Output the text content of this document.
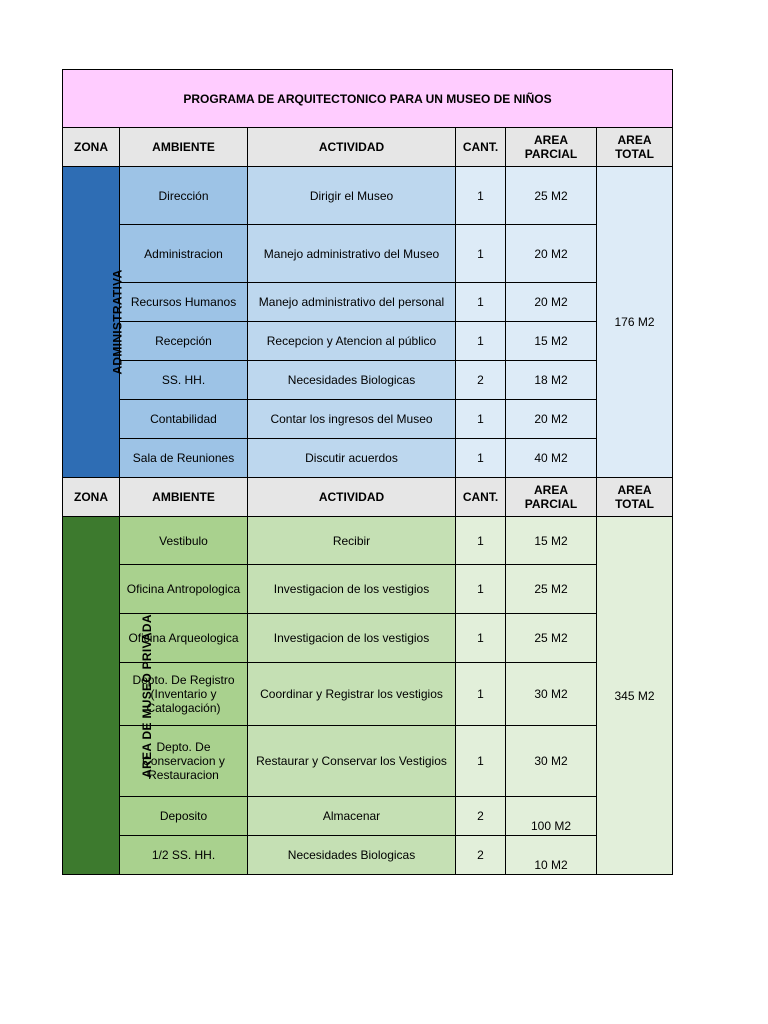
PROGRAMA DE ARQUITECTONICO PARA UN MUSEO DE NIÑOS					
ZONA	AMBIENTE	ACTIVIDAD	CANT.	AREA PARCIAL	AREA TOTAL
ADMINISTRATIVA	Dirección	Dirigir el Museo	1	25 M2	176 M2
	Administracion	Manejo administrativo del Museo	1	20 M2	
	Recursos Humanos	Manejo administrativo del personal	1	20 M2	
	Recepción	Recepcion y Atencion al público	1	15 M2	
	SS. HH.	Necesidades Biologicas	2	18 M2	
	Contabilidad	Contar los ingresos del Museo	1	20 M2	
	Sala de Reuniones	Discutir acuerdos	1	40 M2	
ZONA	AMBIENTE	ACTIVIDAD	CANT.	AREA PARCIAL	AREA TOTAL
AREA DE MUSEO PRIVADA	Vestibulo	Recibir	1	15 M2	345 M2
	Oficina Antropologica	Investigacion de los vestigios	1	25 M2	
	Oficina Arqueologica	Investigacion de los vestigios	1	25 M2	
	Depto. De Registro (Inventario y Catalogación)	Coordinar y Registrar los vestigios	1	30 M2	
	Depto. De Conservacion y Restauracion	Restaurar y Conservar los Vestigios	1	30 M2	
	Deposito	Almacenar	2	100 M2	
	1/2 SS. HH.	Necesidades Biologicas	2	10 M2	
